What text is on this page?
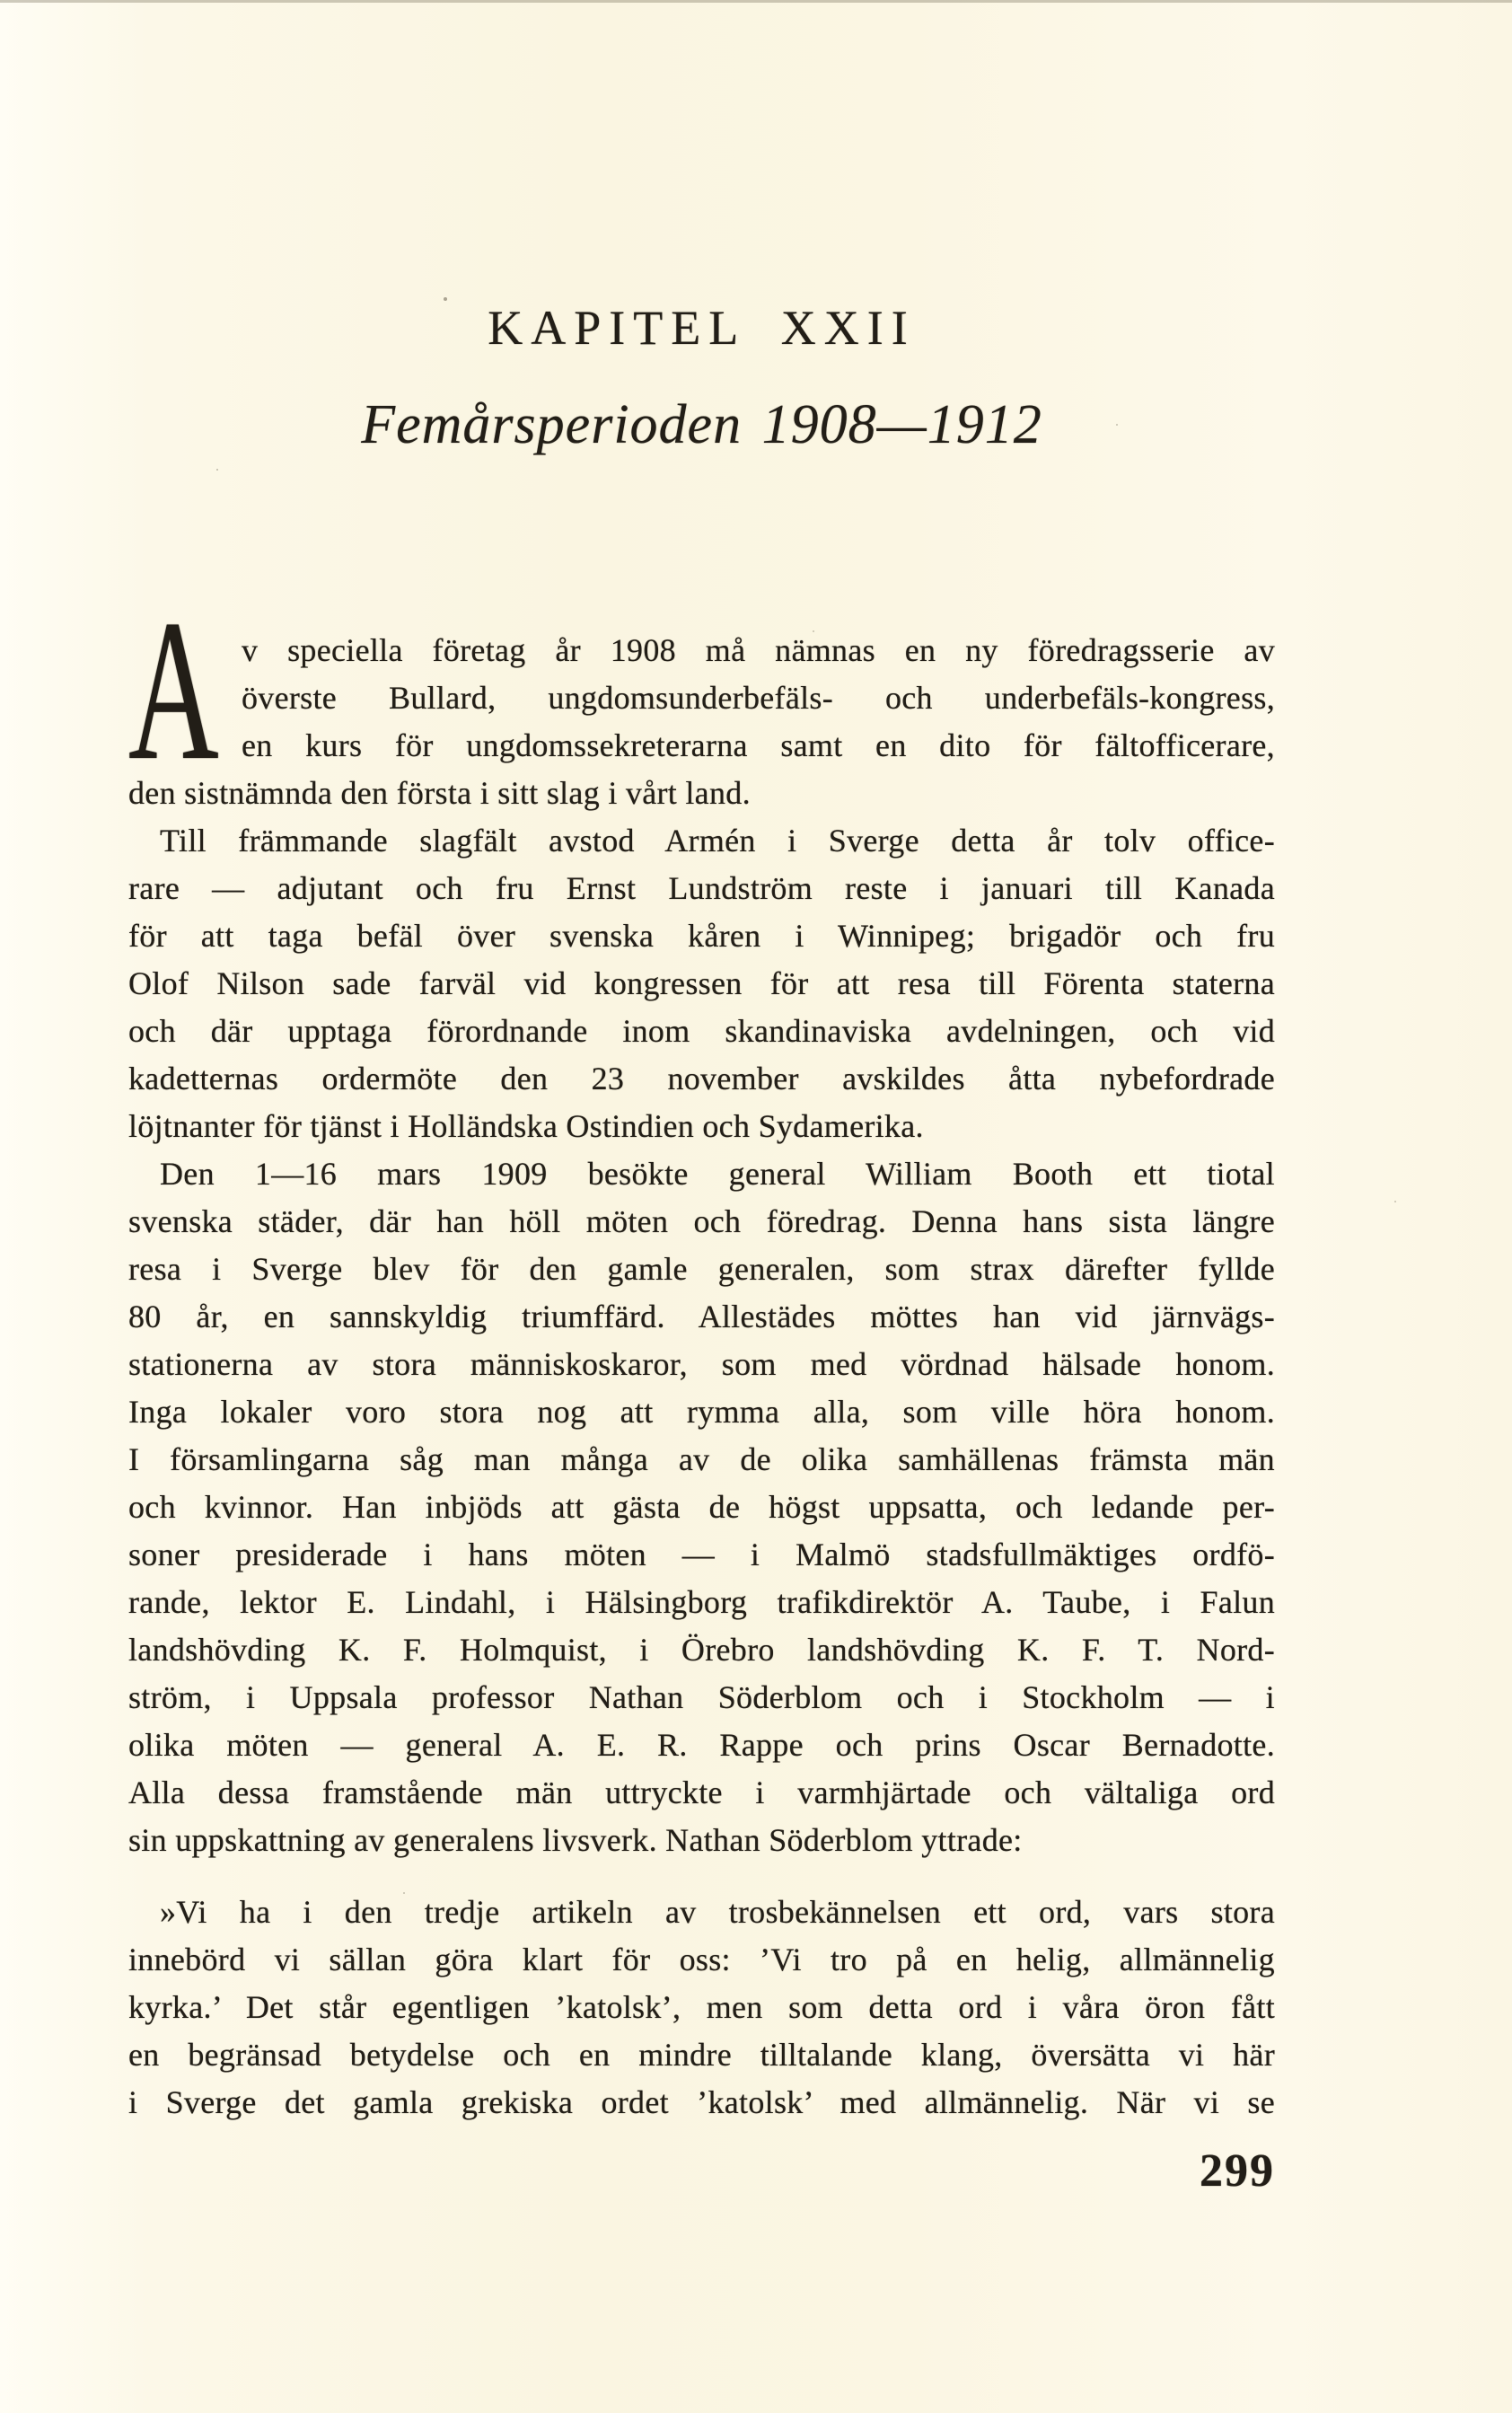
KAPITEL XXII
Femårsperioden 1908—1912
A v speciella företag år 1908 må nämnas en ny föredragsserie av
överste Bullard, ungdomsunderbefäls- och underbefäls-kongress,
en kurs för ungdomssekreterarna samt en dito för fältofficerare,
den sistnämnda den första i sitt slag i vårt land.
Till främmande slagfält avstod Armén i Sverge detta år tolv office-
rare — adjutant och fru Ernst Lundström reste i januari till Kanada
för att taga befäl över svenska kåren i Winnipeg; brigadör och fru
Olof Nilson sade farväl vid kongressen för att resa till Förenta staterna
och där upptaga förordnande inom skandinaviska avdelningen, och vid
kadetternas ordermöte den 23 november avskildes åtta nybefordrade
löjtnanter för tjänst i Holländska Ostindien och Sydamerika.
Den 1—16 mars 1909 besökte general William Booth ett tiotal
svenska städer, där han höll möten och föredrag. Denna hans sista längre
resa i Sverge blev för den gamle generalen, som strax därefter fyllde
80 år, en sannskyldig triumffärd. Allestädes möttes han vid järnvägs-
stationerna av stora människoskaror, som med vördnad hälsade honom.
Inga lokaler voro stora nog att rymma alla, som ville höra honom.
I församlingarna såg man många av de olika samhällenas främsta män
och kvinnor. Han inbjöds att gästa de högst uppsatta, och ledande per-
soner presiderade i hans möten — i Malmö stadsfullmäktiges ordfö-
rande, lektor E. Lindahl, i Hälsingborg trafikdirektör A. Taube, i Falun
landshövding K. F. Holmquist, i Örebro landshövding K. F. T. Nord-
ström, i Uppsala professor Nathan Söderblom och i Stockholm — i
olika möten — general A. E. R. Rappe och prins Oscar Bernadotte.
Alla dessa framstående män uttryckte i varmhjärtade och vältaliga ord
sin uppskattning av generalens livsverk. Nathan Söderblom yttrade:
»Vi ha i den tredje artikeln av trosbekännelsen ett ord, vars stora
innebörd vi sällan göra klart för oss: ’Vi tro på en helig, allmännelig
kyrka.’ Det står egentligen ’katolsk’, men som detta ord i våra öron fått
en begränsad betydelse och en mindre tilltalande klang, översätta vi här
i Sverge det gamla grekiska ordet ’katolsk’ med allmännelig. När vi se
299
